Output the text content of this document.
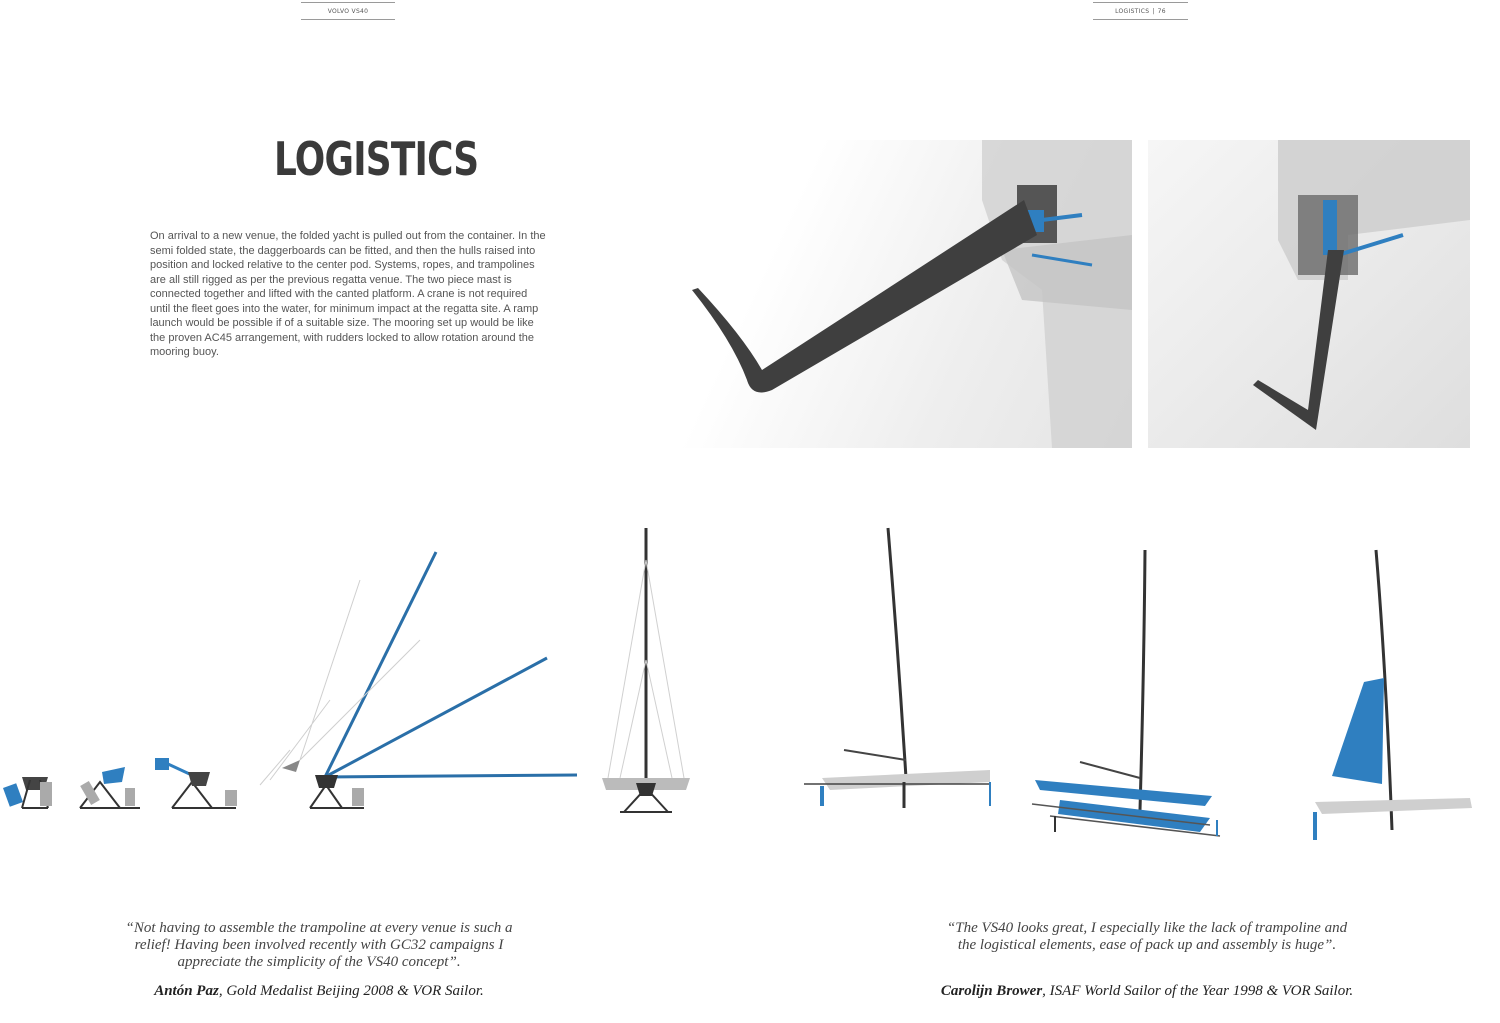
VOLVO VS40	LOGISTICS | 76
LOGISTICS

On arrival to a new venue, the folded yacht is pulled out from the container. In the semi folded state, the daggerboards can be fitted, and then the hulls raised into position and locked relative to the center pod. Systems, ropes, and trampolines are all still rigged as per the previous regatta venue. The two piece mast is connected together and lifted with the canted platform. A crane is not required until the fleet goes into the water, for minimum impact at the regatta site. A ramp launch would be possible if of a suitable size. The mooring set up would be like the proven AC45 arrangement, with rudders locked to allow rotation around the mooring buoy.

“Not having to assemble the trampoline at every venue is such a relief! Having been involved recently with GC32 campaigns I appreciate the simplicity of the VS40 concept”.

Antón Paz, Gold Medalist Beijing 2008 & VOR Sailor.

“The VS40 looks great, I especially like the lack of trampoline and the logistical elements, ease of pack up and assembly is huge”.

Carolijn Brower, ISAF World Sailor of the Year 1998 & VOR Sailor.
